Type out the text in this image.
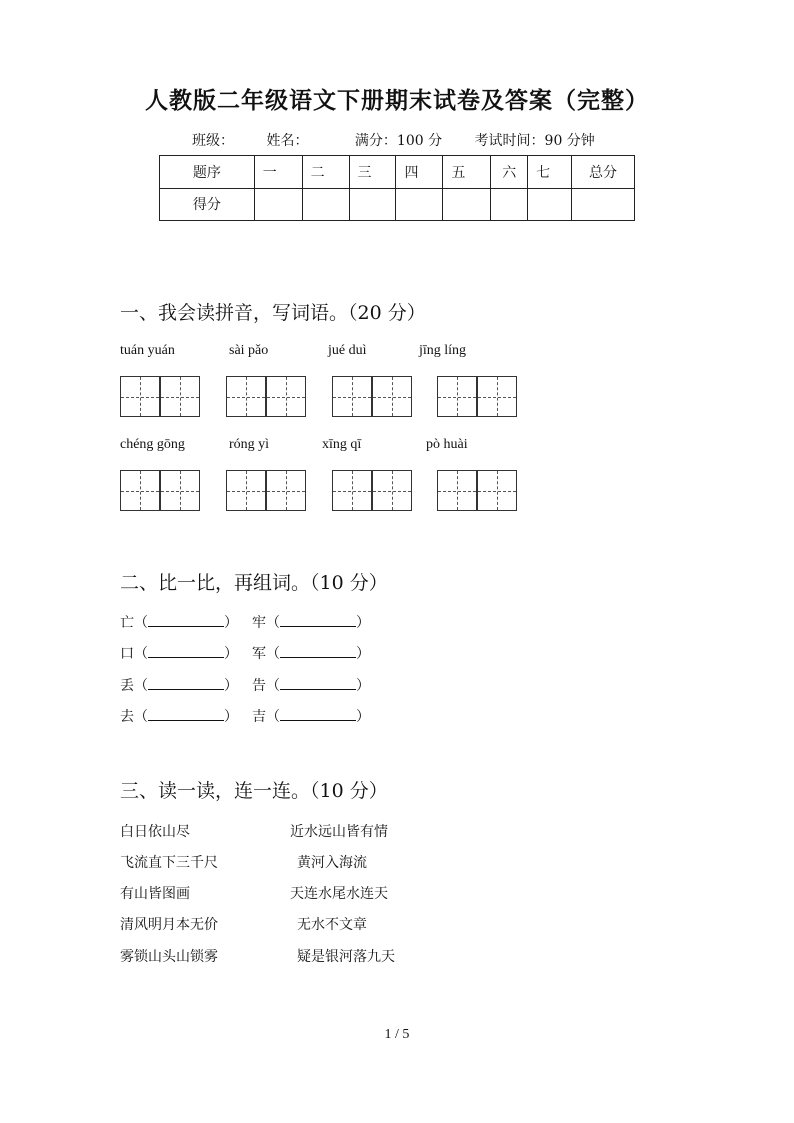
人教版二年级语文下册期末试卷及答案（完整）
班级： 姓名：	满分：100 分 考试时间：90 分钟
题序	一	二	三	四	五	六	七	总分
得分								
一、我会读拼音，写词语。（20 分）
tuán yuán	sài pǎo	jué duì	jīng líng
chéng gōng	róng yì	xīng qī	pò huài
二、比一比，再组词。（10 分）
亡（	） 牢（	）
口（	） 军（	）
丢（	） 告（	）
去（	） 吉（	）
三、读一读，连一连。（10 分）
白日依山尽
飞流直下三千尺
有山皆图画
清风明月本无价
雾锁山头山锁雾
近水远山皆有情
黄河入海流
天连水尾水连天
无水不文章
疑是银河落九天
1 / 5
